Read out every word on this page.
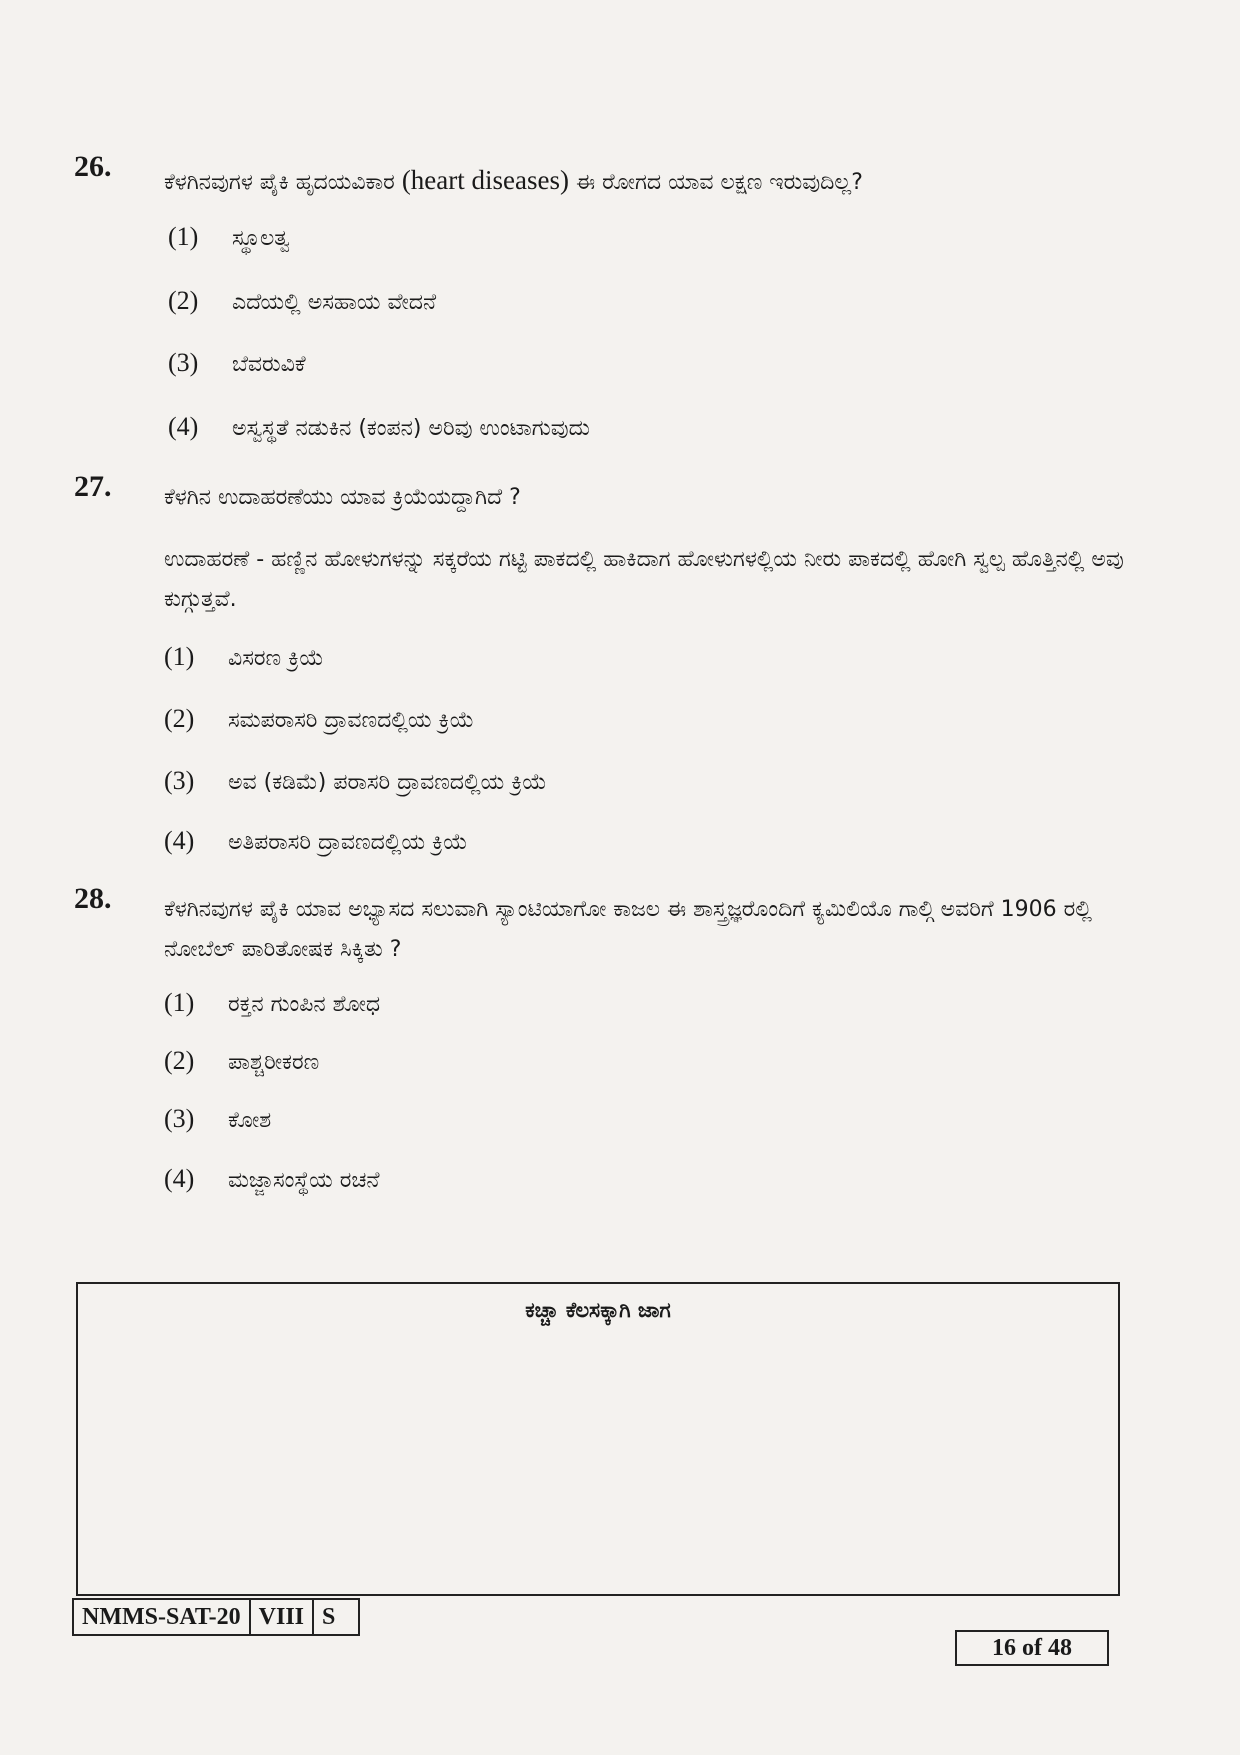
26. ಕೆಳಗಿನವುಗಳ ಪೈಕಿ ಹೃದಯವಿಕಾರ (heart diseases) ಈ ರೋಗದ ಯಾವ ಲಕ್ಷಣ ಇರುವುದಿಲ್ಲ?
(1) ಸ್ಥೂಲತ್ವ
(2) ಎದೆಯಲ್ಲಿ ಅಸಹಾಯ ವೇದನೆ
(3) ಬೆವರುವಿಕೆ
(4) ಅಸ್ವಸ್ಥತೆ ನಡುಕಿನ (ಕಂಪನ) ಅರಿವು ಉಂಟಾಗುವುದು
27. ಕೆಳಗಿನ ಉದಾಹರಣೆಯು ಯಾವ ಕ್ರಿಯೆಯದ್ದಾಗಿದೆ ?
ಉದಾಹರಣೆ - ಹಣ್ಣಿನ ಹೋಳುಗಳನ್ನು ಸಕ್ಕರೆಯ ಗಟ್ಟಿ ಪಾಕದಲ್ಲಿ ಹಾಕಿದಾಗ ಹೋಳುಗಳಲ್ಲಿಯ ನೀರು ಪಾಕದಲ್ಲಿ ಹೋಗಿ ಸ್ವಲ್ಪ ಹೊತ್ತಿನಲ್ಲಿ ಅವು ಕುಗ್ಗುತ್ತವೆ.
(1) ವಿಸರಣ ಕ್ರಿಯೆ
(2) ಸಮಪರಾಸರಿ ದ್ರಾವಣದಲ್ಲಿಯ ಕ್ರಿಯೆ
(3) ಅವ (ಕಡಿಮೆ) ಪರಾಸರಿ ದ್ರಾವಣದಲ್ಲಿಯ ಕ್ರಿಯೆ
(4) ಅತಿಪರಾಸರಿ ದ್ರಾವಣದಲ್ಲಿಯ ಕ್ರಿಯೆ
28. ಕೆಳಗಿನವುಗಳ ಪೈಕಿ ಯಾವ ಅಭ್ಯಾಸದ ಸಲುವಾಗಿ ಸ್ಯಾಂಟಿಯಾಗೋ ಕಾಜಲ ಈ ಶಾಸ್ತ್ರಜ್ಞರೊಂದಿಗೆ ಕ್ಯಮಿಲಿಯೊ ಗಾಲ್ಗಿ ಅವರಿಗೆ 1906 ರಲ್ಲಿ ನೋಬೆಲ್ ಪಾರಿತೋಷಕ ಸಿಕ್ಕಿತು ?
(1) ರಕ್ತನ ಗುಂಪಿನ ಶೋಧ
(2) ಪಾಶ್ಚರೀಕರಣ
(3) ಕೋಶ
(4) ಮಜ್ಜಾಸಂಸ್ಥೆಯ ರಚನೆ
ಕಚ್ಚಾ ಕೆಲಸಕ್ಕಾಗಿ ಜಾಗ
NMMS-SAT-20 VIII S
16 of 48
